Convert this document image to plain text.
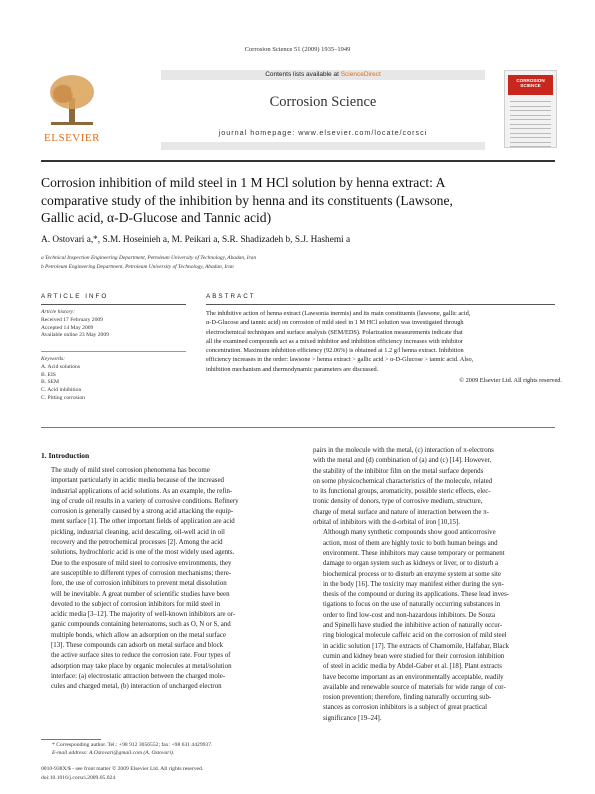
Corrosion Science 51 (2009) 1935–1949
ELSEVIER
Contents lists available at ScienceDirect
Corrosion Science
journal homepage: www.elsevier.com/locate/corsci
CORROSION
SCIENCE
Corrosion inhibition of mild steel in 1 M HCl solution by henna extract: A
comparative study of the inhibition by henna and its constituents (Lawsone,
Gallic acid, α-D-Glucose and Tannic acid)
A. Ostovari a,*, S.M. Hoseinieh a, M. Peikari a, S.R. Shadizadeh b, S.J. Hashemi a
a Technical Inspection Engineering Department, Petroleum University of Technology, Abadan, Iran
b Petroleum Engineering Department, Petroleum University of Technology, Abadan, Iran
ARTICLE INFO	ABSTRACT
Article history:
Received 17 February 2009
Accepted 14 May 2009
Available online 23 May 2009
Keywords:
A. Acid solutions
B. EIS
B. SEM
C. Acid inhibition
C. Pitting corrosion
The inhibitive action of henna extract (Lawsonia inermis) and its main constituents (lawsone, gallic acid,
α-D-Glucose and tannic acid) on corrosion of mild steel in 1 M HCl solution was investigated through
electrochemical techniques and surface analysis (SEM/EDS). Polarization measurements indicate that
all the examined compounds act as a mixed inhibitor and inhibition efficiency increases with inhibitor
concentration. Maximum inhibition efficiency (92.06%) is obtained at 1.2 g/l henna extract. Inhibition
efficiency increases in the order: lawsone > henna extract > gallic acid > α-D-Glucose > tannic acid. Also,
inhibition mechanism and thermodynamic parameters are discussed.
© 2009 Elsevier Ltd. All rights reserved.
1. Introduction

The study of mild steel corrosion phenomena has become
important particularly in acidic media because of the increased
industrial applications of acid solutions. As an example, the refin-
ing of crude oil results in a variety of corrosive conditions. Refinery
corrosion is generally caused by a strong acid attacking the equip-
ment surface [1]. The other important fields of application are acid
pickling, industrial cleaning, acid descaling, oil-well acid in oil
recovery and the petrochemical processes [2]. Among the acid
solutions, hydrochloric acid is one of the most widely used agents.
Due to the exposure of mild steel to corrosive environments, they
are susceptible to different types of corrosion mechanisms; there-
fore, the use of corrosion inhibitors to prevent metal dissolution
will be inevitable. A great number of scientific studies have been
devoted to the subject of corrosion inhibitors for mild steel in
acidic media [3–12]. The majority of well-known inhibitors are or-
ganic compounds containing heteroatoms, such as O, N or S, and
multiple bonds, which allow an adsorption on the metal surface
[13]. These compounds can adsorb on metal surface and block
the active surface sites to reduce the corrosion rate. Four types of
adsorption may take place by organic molecules at metal/solution
interface: (a) electrostatic attraction between the charged mole-
cules and charged metal, (b) interaction of uncharged electron

pairs in the molecule with the metal, (c) interaction of π-electrons
with the metal and (d) combination of (a) and (c) [14]. However,
the stability of the inhibitor film on the metal surface depends
on some physicochemical characteristics of the molecule, related
to its functional groups, aromaticity, possible steric effects, elec-
tronic density of donors, type of corrosive medium, structure,
charge of metal surface and nature of interaction between the π-
orbital of inhibitors with the d-orbital of iron [10,15].

Although many synthetic compounds show good anticorrosive
action, most of them are highly toxic to both human beings and
environment. These inhibitors may cause temporary or permanent
damage to organ system such as kidneys or liver, or to disturb a
biochemical process or to disturb an enzyme system at some site
in the body [16]. The toxicity may manifest either during the syn-
thesis of the compound or during its applications. These lead inves-
tigations to focus on the use of naturally occurring substances in
order to find low-cost and non-hazardous inhibitors. De Souza
and Spinelli have studied the inhibitive action of naturally occur-
ring biological molecule caffeic acid on the corrosion of mild steel
in acidic solution [17]. The extracts of Chamomile, Halfabar, Black
cumin and kidney bean were studied for their corrosion inhibition
of steel in acidic media by Abdel-Gaber et al. [18]. Plant extracts
have become important as an environmentally acceptable, readily
available and renewable source of materials for wide range of cor-
rosion prevention; therefore, finding naturally occurring sub-
stances as corrosion inhibitors is a subject of great practical
significance [19–24].

* Corresponding author. Tel.: +98 912 3056552; fax: +98 631 4429937.
E-mail address: A.Ostovari@gmail.com (A. Ostovari).
0010-938X/$ - see front matter © 2009 Elsevier Ltd. All rights reserved.
doi:10.1016/j.corsci.2009.05.024
